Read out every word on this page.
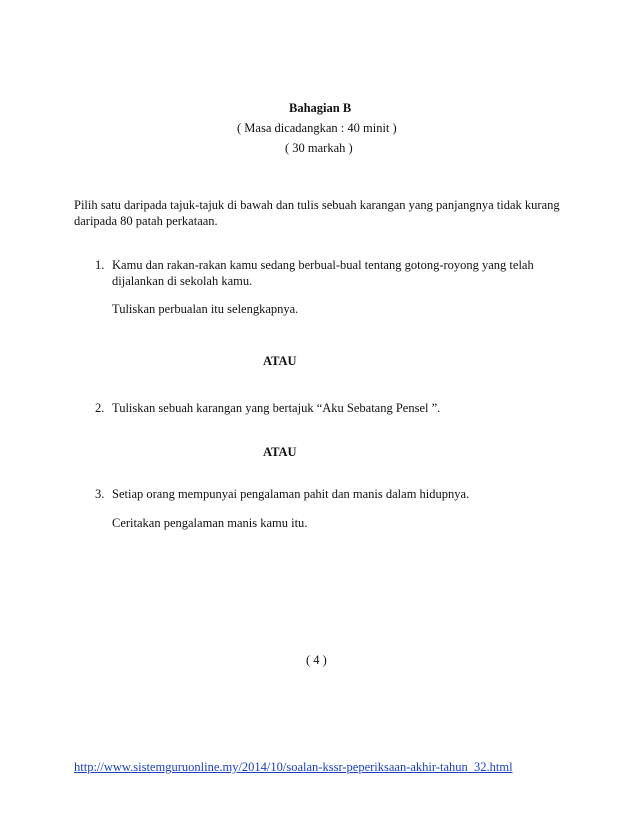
Bahagian B
( Masa dicadangkan : 40 minit )
( 30 markah )
Pilih satu daripada tajuk-tajuk di bawah dan tulis sebuah karangan yang panjangnya tidak kurang
daripada 80 patah perkataan.
1. Kamu dan rakan-rakan kamu sedang berbual-bual tentang gotong-royong yang telah
dijalankan di sekolah kamu.
Tuliskan perbualan itu selengkapnya.
ATAU
2. Tuliskan sebuah karangan yang bertajuk “Aku Sebatang Pensel ”.
ATAU
3. Setiap orang mempunyai pengalaman pahit dan manis dalam hidupnya.
Ceritakan pengalaman manis kamu itu.
( 4 )
http://www.sistemguruonline.my/2014/10/soalan-kssr-peperiksaan-akhir-tahun_32.html
